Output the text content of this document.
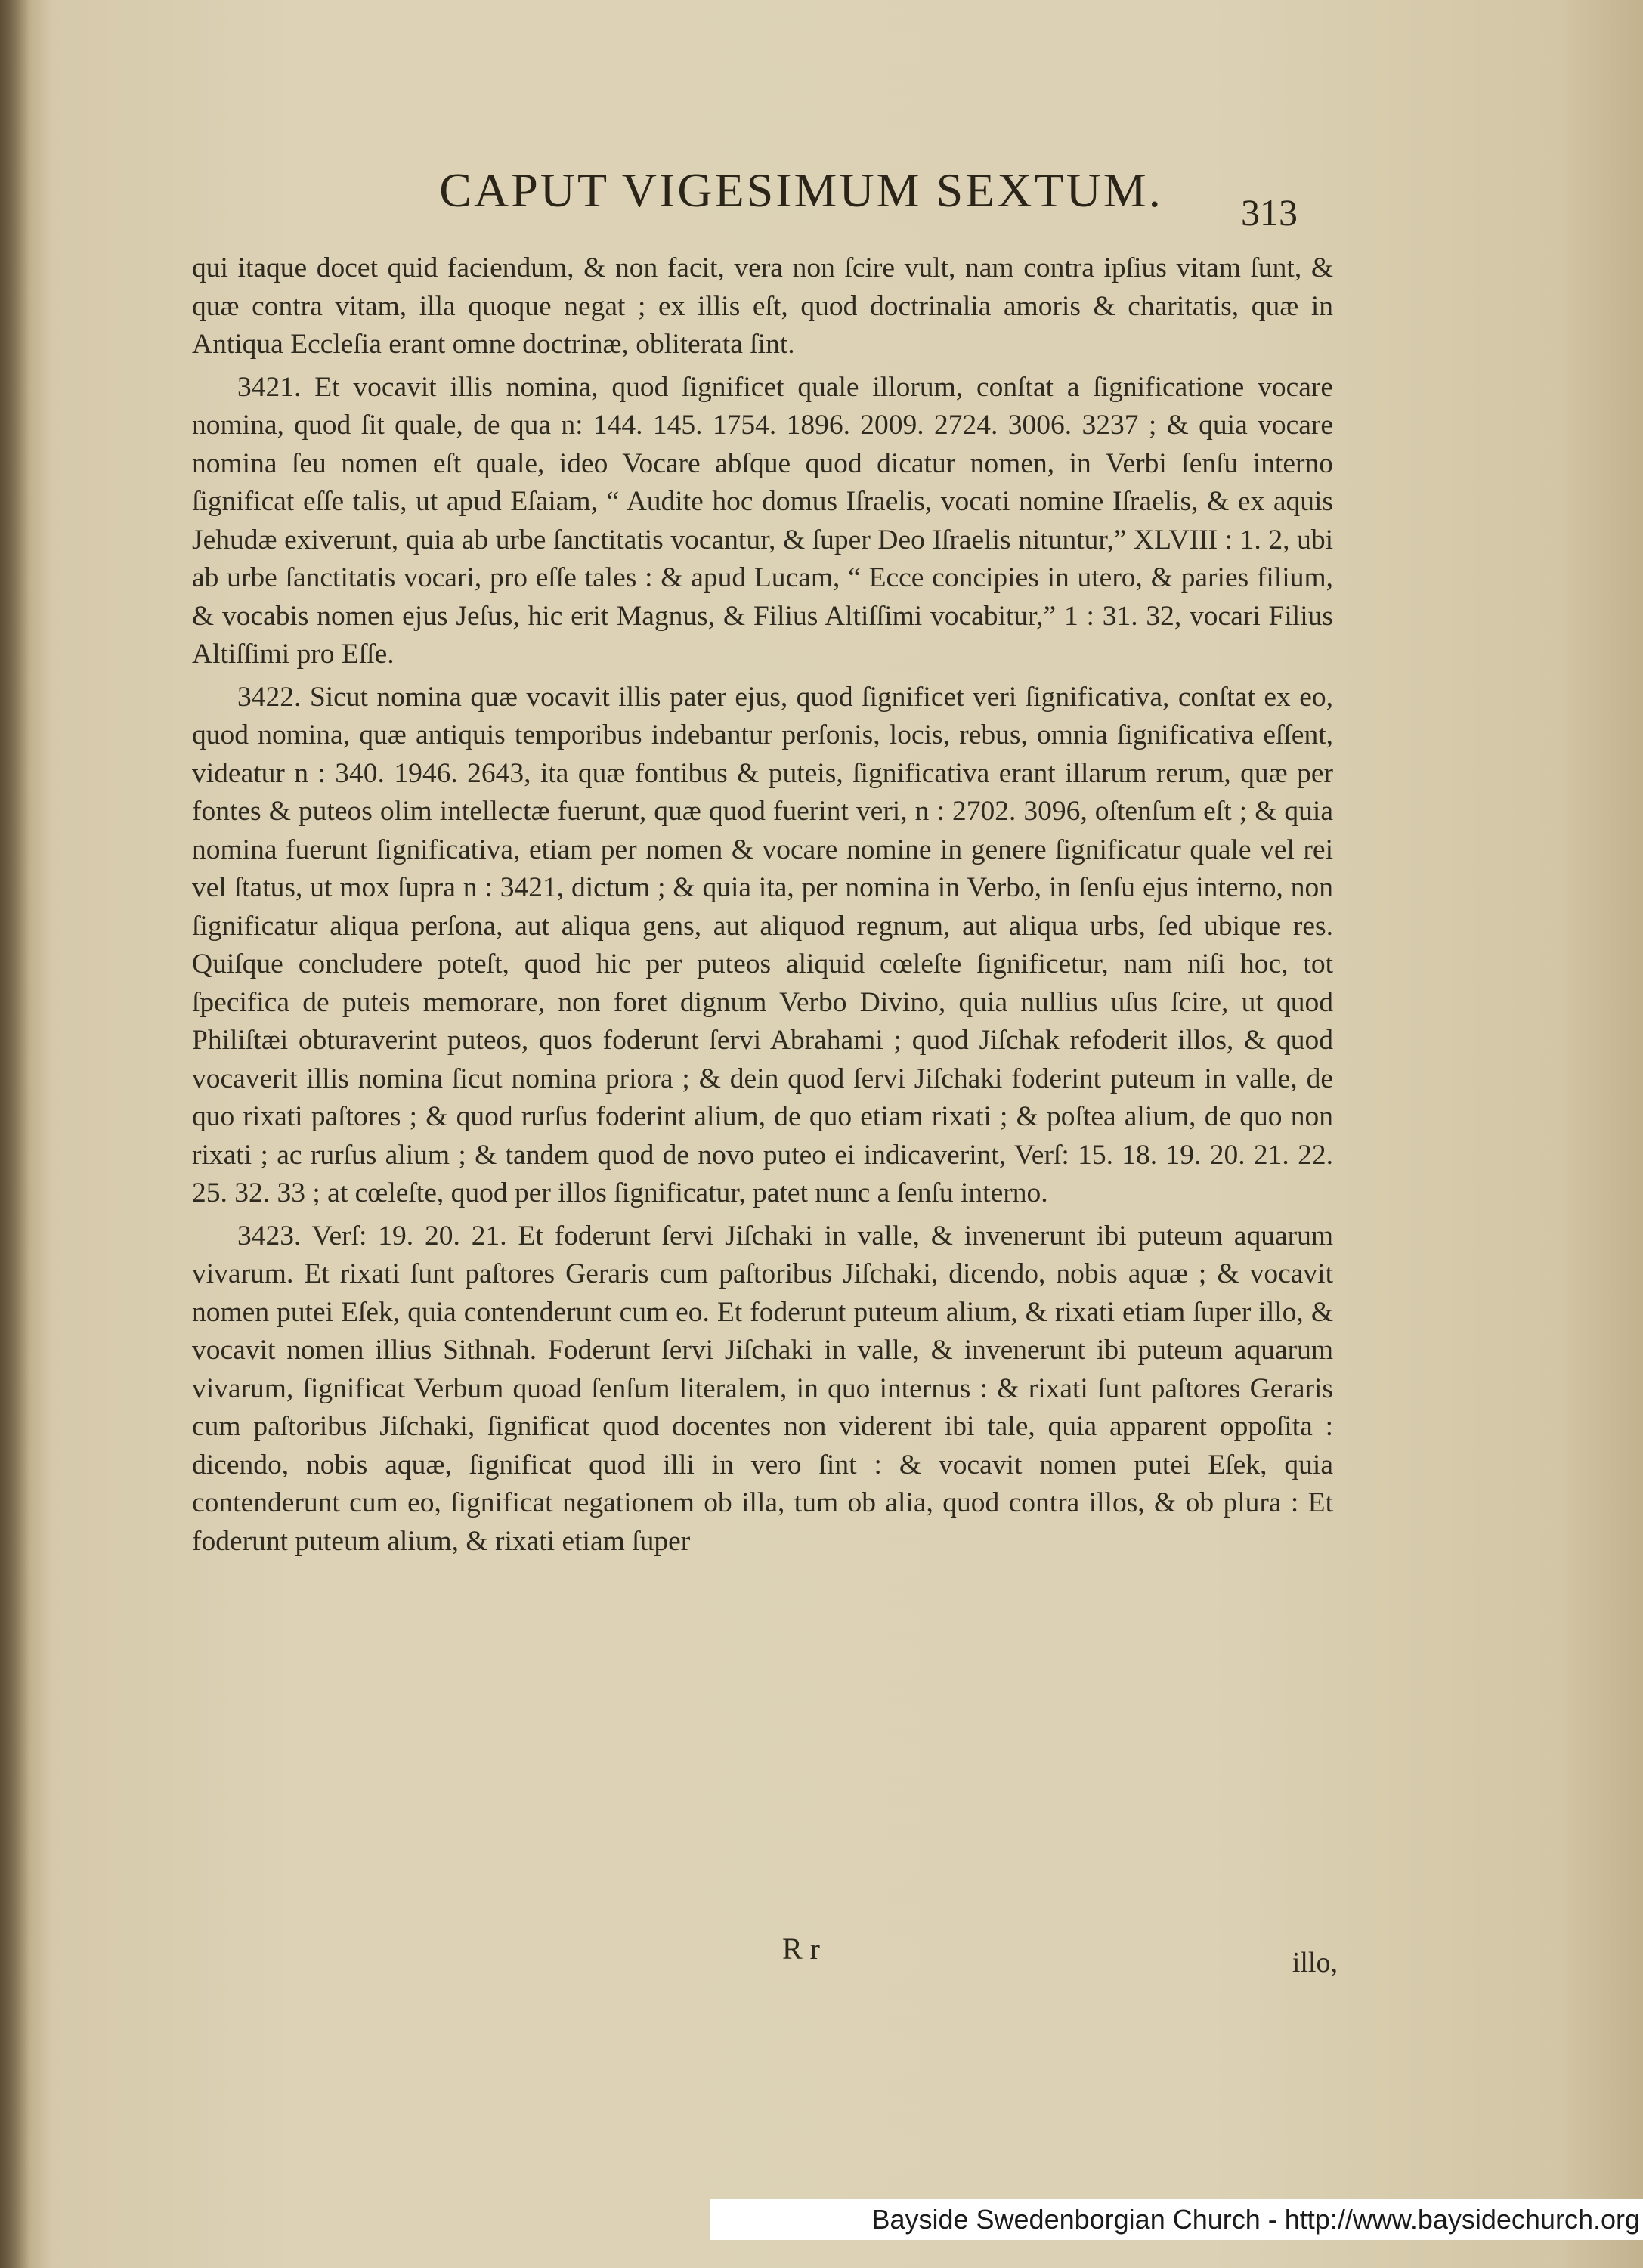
CAPUT VIGESIMUM SEXTUM.	313

qui itaque docet quid faciendum, & non facit, vera non ſcire vult, nam contra ipſius vitam ſunt, & quæ contra vitam, illa quoque negat ; ex illis eſt, quod doctrinalia amoris & charitatis, quæ in Antiqua Eccleſia erant omne doctrinæ, obliterata ſint.

3421. Et vocavit illis nomina, quod ſignificet quale illorum, conſtat a ſignificatione vocare nomina, quod ſit quale, de qua n: 144. 145. 1754. 1896. 2009. 2724. 3006. 3237 ; & quia vocare nomina ſeu nomen eſt quale, ideo Vocare abſque quod dicatur nomen, in Verbi ſenſu interno ſignificat eſſe talis, ut apud Eſaiam, “ Audite hoc domus Iſraelis, vocati nomine Iſraelis, & ex aquis Jehudæ exiverunt, quia ab urbe ſanctitatis vocantur, & ſuper Deo Iſraelis nituntur,” XLVIII : 1. 2, ubi ab urbe ſanctitatis vocari, pro eſſe tales : & apud Lucam, “ Ecce concipies in utero, & paries filium, & vocabis nomen ejus Jeſus, hic erit Magnus, & Filius Altiſſimi vocabitur,” 1 : 31. 32, vocari Filius Altiſſimi pro Eſſe.

3422. Sicut nomina quæ vocavit illis pater ejus, quod ſignificet veri ſignificativa, conſtat ex eo, quod nomina, quæ antiquis temporibus indebantur perſonis, locis, rebus, omnia ſignificativa eſſent, videatur n : 340. 1946. 2643, ita quæ fontibus & puteis, ſignificativa erant illarum rerum, quæ per fontes & puteos olim intellectæ fuerunt, quæ quod fuerint veri, n : 2702. 3096, oſtenſum eſt ; & quia nomina fuerunt ſignificativa, etiam per nomen & vocare nomine in genere ſignificatur quale vel rei vel ſtatus, ut mox ſupra n : 3421, dictum ; & quia ita, per nomina in Verbo, in ſenſu ejus interno, non ſignificatur aliqua perſona, aut aliqua gens, aut aliquod regnum, aut aliqua urbs, ſed ubique res. Quiſque concludere poteſt, quod hic per puteos aliquid cœleſte ſignificetur, nam niſi hoc, tot ſpecifica de puteis memorare, non foret dignum Verbo Divino, quia nullius uſus ſcire, ut quod Philiſtæi obturaverint puteos, quos foderunt ſervi Abrahami ; quod Jiſchak refoderit illos, & quod vocaverit illis nomina ſicut nomina priora ; & dein quod ſervi Jiſchaki foderint puteum in valle, de quo rixati paſtores ; & quod rurſus foderint alium, de quo etiam rixati ; & poſtea alium, de quo non rixati ; ac rurſus alium ; & tandem quod de novo puteo ei indicaverint, Verſ: 15. 18. 19. 20. 21. 22. 25. 32. 33 ; at cœleſte, quod per illos ſignificatur, patet nunc a ſenſu interno.

3423. Verſ: 19. 20. 21. Et foderunt ſervi Jiſchaki in valle, & invenerunt ibi puteum aquarum vivarum. Et rixati ſunt paſtores Geraris cum paſtoribus Jiſchaki, dicendo, nobis aquæ ; & vocavit nomen putei Eſek, quia contenderunt cum eo. Et foderunt puteum alium, & rixati etiam ſuper illo, & vocavit nomen illius Sithnah. Foderunt ſervi Jiſchaki in valle, & invenerunt ibi puteum aquarum vivarum, ſignificat Verbum quoad ſenſum literalem, in quo internus : & rixati ſunt paſtores Geraris cum paſtoribus Jiſchaki, ſignificat quod docentes non viderent ibi tale, quia apparent oppoſita : dicendo, nobis aquæ, ſignificat quod illi in vero ſint : & vocavit nomen putei Eſek, quia contenderunt cum eo, ſignificat negationem ob illa, tum ob alia, quod contra illos, & ob plura : Et foderunt puteum alium, & rixati etiam ſuper

R r	illo,
Bayside Swedenborgian Church - http://www.baysidechurch.org
